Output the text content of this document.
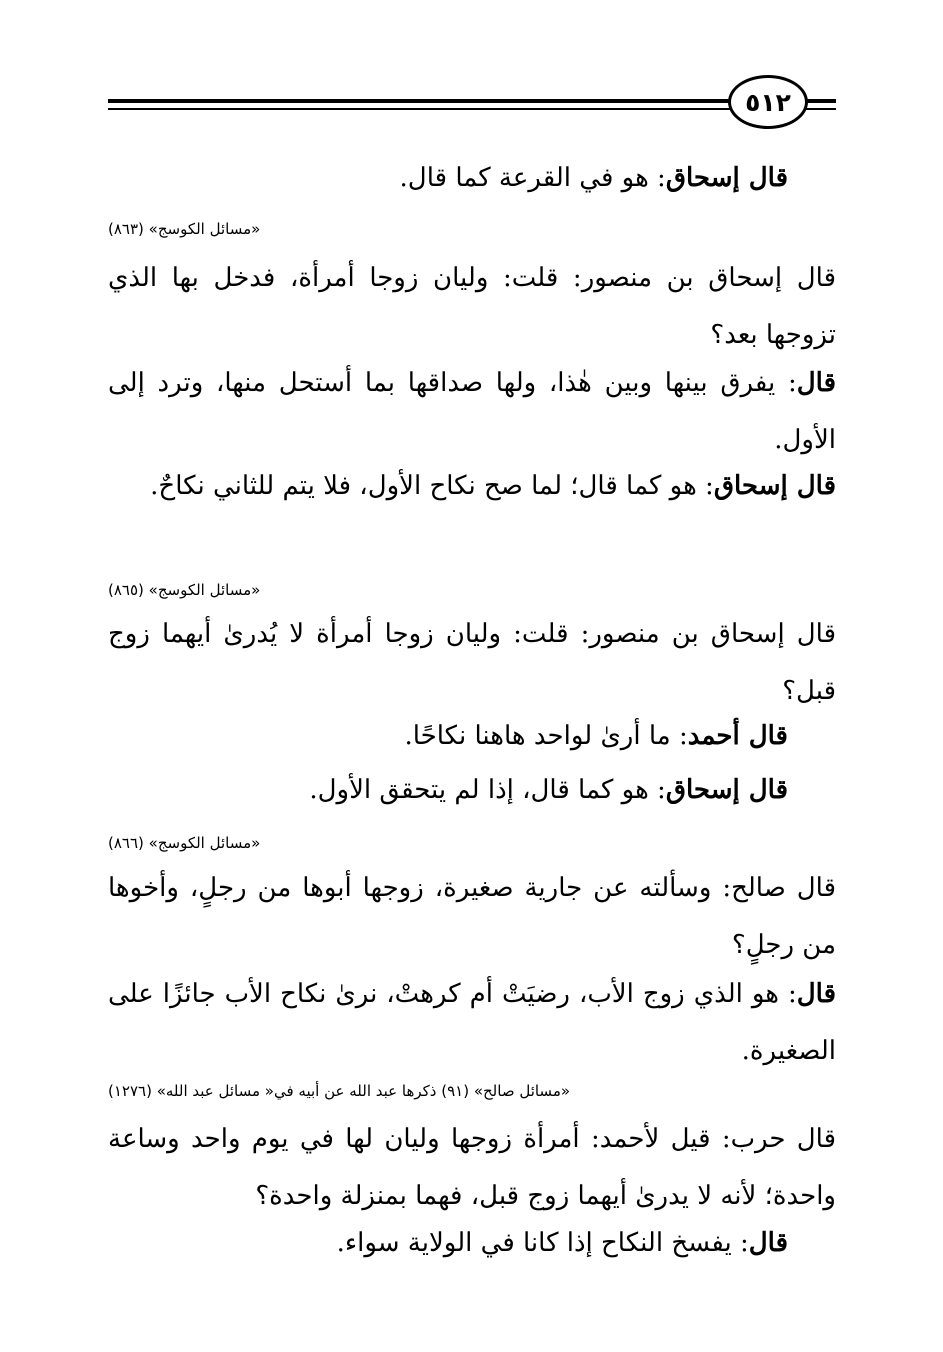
٥١٢
قال إسحاق: هو في القرعة كما قال.
«مسائل الكوسج» (٨٦٣)
قال إسحاق بن منصور: قلت: وليان زوجا أمرأة، فدخل بها الذي تزوجها بعد؟
قال: يفرق بينها وبين هٰذا، ولها صداقها بما أستحل منها، وترد إلى الأول.
قال إسحاق: هو كما قال؛ لما صح نكاح الأول، فلا يتم للثاني نكاحٌ.
«مسائل الكوسج» (٨٦٥)
قال إسحاق بن منصور: قلت: وليان زوجا أمرأة لا يُدرىٰ أيهما زوج قبل؟
قال أحمد: ما أرىٰ لواحد هاهنا نكاحًا.
قال إسحاق: هو كما قال، إذا لم يتحقق الأول.
«مسائل الكوسج» (٨٦٦)
قال صالح: وسألته عن جارية صغيرة، زوجها أبوها من رجلٍ، وأخوها من رجلٍ؟
قال: هو الذي زوج الأب، رضيَتْ أم كرهتْ، نرىٰ نكاح الأب جائزًا على الصغيرة.
«مسائل صالح» (٩١) ذكرها عبد الله عن أبيه في« مسائل عبد الله» (١٢٧٦)
قال حرب: قيل لأحمد: أمرأة زوجها وليان لها في يوم واحد وساعة واحدة؛ لأنه لا يدرىٰ أيهما زوج قبل، فهما بمنزلة واحدة؟
قال: يفسخ النكاح إذا كانا في الولاية سواء.
